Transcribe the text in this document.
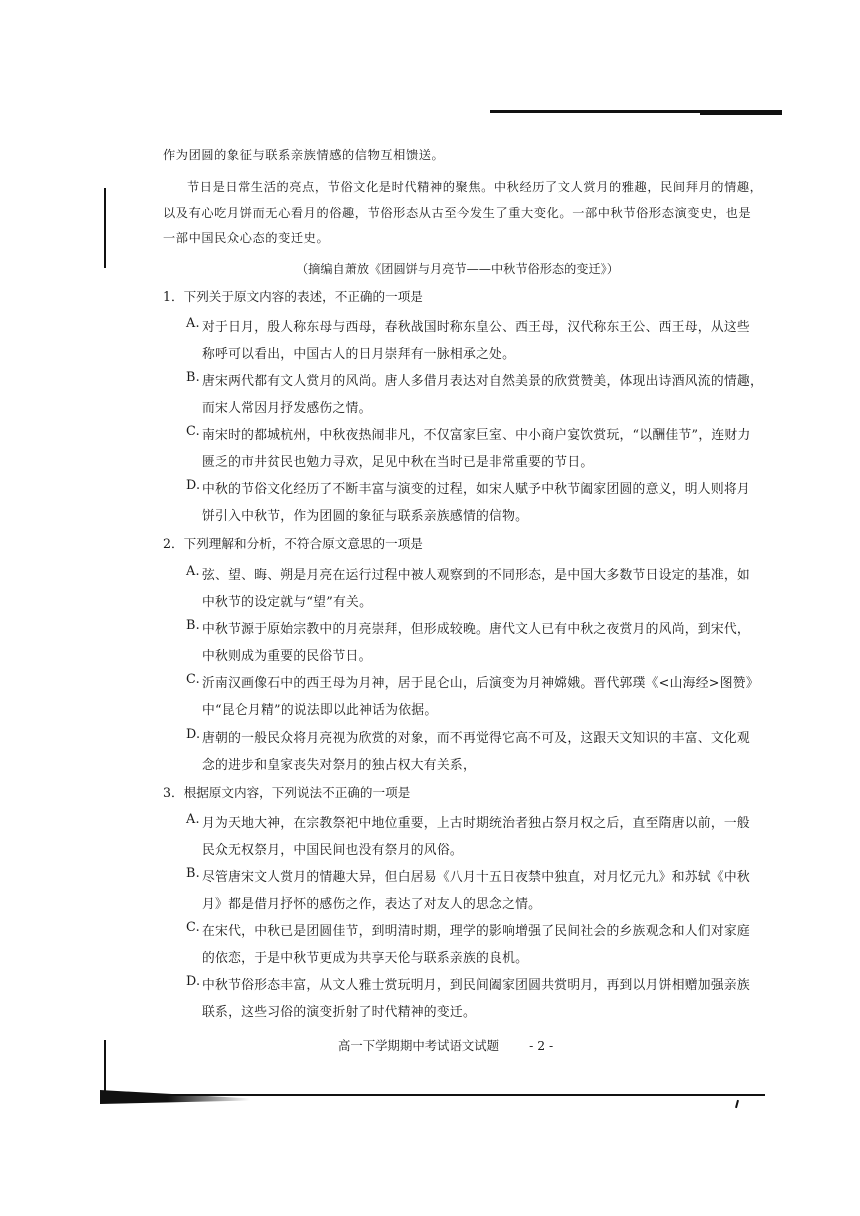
作为团圆的象征与联系亲族情感的信物互相馈送。
节日是日常生活的亮点，节俗文化是时代精神的聚焦。中秋经历了文人赏月的雅趣，民间拜月的情趣，
以及有心吃月饼而无心看月的俗趣，节俗形态从古至今发生了重大变化。一部中秋节俗形态演变史，也是
一部中国民众心态的变迁史。
（摘编自萧放《团圆饼与月亮节——中秋节俗形态的变迁》）
1．下列关于原文内容的表述，不正确的一项是
A. 对于日月，殷人称东母与西母，春秋战国时称东皇公、西王母，汉代称东王公、西王母，从这些
称呼可以看出，中国古人的日月崇拜有一脉相承之处。
B. 唐宋两代都有文人赏月的风尚。唐人多借月表达对自然美景的欣赏赞美，体现出诗酒风流的情趣，
而宋人常因月抒发感伤之情。
C. 南宋时的都城杭州，中秋夜热闹非凡，不仅富家巨室、中小商户宴饮赏玩，“以酬佳节”，连财力
匮乏的市井贫民也勉力寻欢，足见中秋在当时已是非常重要的节日。
D. 中秋的节俗文化经历了不断丰富与演变的过程，如宋人赋予中秋节阖家团圆的意义，明人则将月
饼引入中秋节，作为团圆的象征与联系亲族感情的信物。
2．下列理解和分析，不符合原文意思的一项是
A. 弦、望、晦、朔是月亮在运行过程中被人观察到的不同形态，是中国大多数节日设定的基准，如
中秋节的设定就与“望”有关。
B. 中秋节源于原始宗教中的月亮崇拜，但形成较晚。唐代文人已有中秋之夜赏月的风尚，到宋代，
中秋则成为重要的民俗节日。
C. 沂南汉画像石中的西王母为月神，居于昆仑山，后演变为月神嫦娥。晋代郭璞《<山海经>图赞》
中“昆仑月精”的说法即以此神话为依据。
D. 唐朝的一般民众将月亮视为欣赏的对象，而不再觉得它高不可及，这跟天文知识的丰富、文化观
念的进步和皇家丧失对祭月的独占权大有关系，
3．根据原文内容，下列说法不正确的一项是
A. 月为天地大神，在宗教祭祀中地位重要，上古时期统治者独占祭月权之后，直至隋唐以前，一般
民众无权祭月，中国民间也没有祭月的风俗。
B. 尽管唐宋文人赏月的情趣大异，但白居易《八月十五日夜禁中独直，对月忆元九》和苏轼《中秋
月》都是借月抒怀的感伤之作，表达了对友人的思念之情。
C. 在宋代，中秋已是团圆佳节，到明清时期，理学的影响增强了民间社会的乡族观念和人们对家庭
的依恋，于是中秋节更成为共享天伦与联系亲族的良机。
D. 中秋节俗形态丰富，从文人雅士赏玩明月，到民间阖家团圆共赏明月，再到以月饼相赠加强亲族
联系，这些习俗的演变折射了时代精神的变迁。
高一下学期期中考试语文试题 - 2 -
